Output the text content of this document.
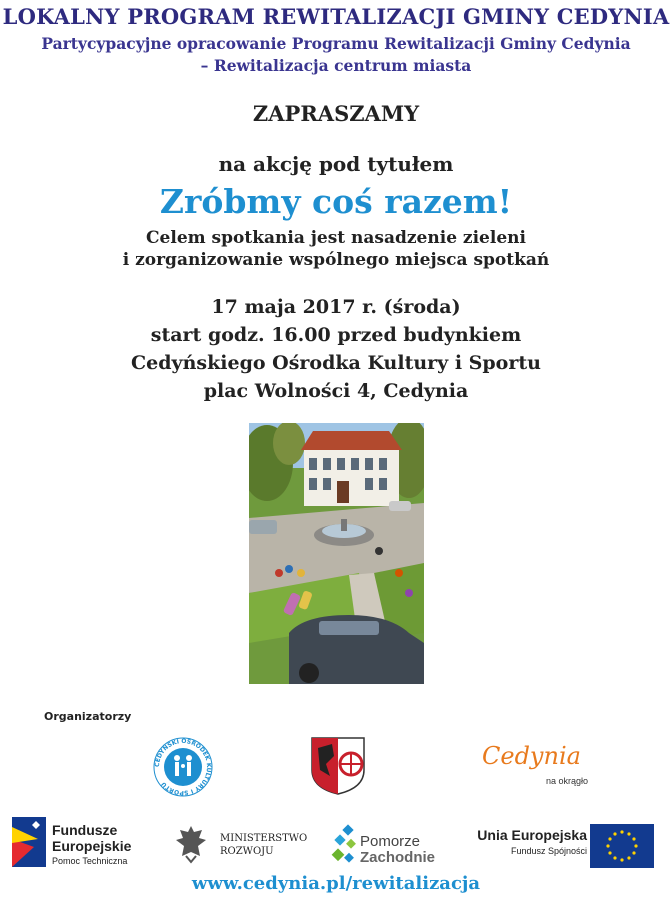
LOKALNY PROGRAM REWITALIZACJI GMINY CEDYNIA
Partycypacyjne opracowanie Programu Rewitalizacji Gminy Cedynia
– Rewitalizacja centrum miasta
ZAPRASZAMY
na akcję pod tytułem
Zróbmy coś razem!
Celem spotkania jest nasadzenie zieleni
i zorganizowanie wspólnego miejsca spotkań
17 maja 2017 r. (środa)
start godz. 16.00 przed budynkiem
Cedyńskiego Ośrodka Kultury i Sportu
plac Wolności 4, Cedynia
Organizatorzy
CEDYŃSKI OŚRODEK KULTURY I SPORTU
Cedynia
na okrągło
Fundusze
Europejskie
Pomoc Techniczna
MINISTERSTWO
ROZWOJU
Pomorze
Zachodnie
Unia Europejska
Fundusz Spójności
www.cedynia.pl/rewitalizacja
